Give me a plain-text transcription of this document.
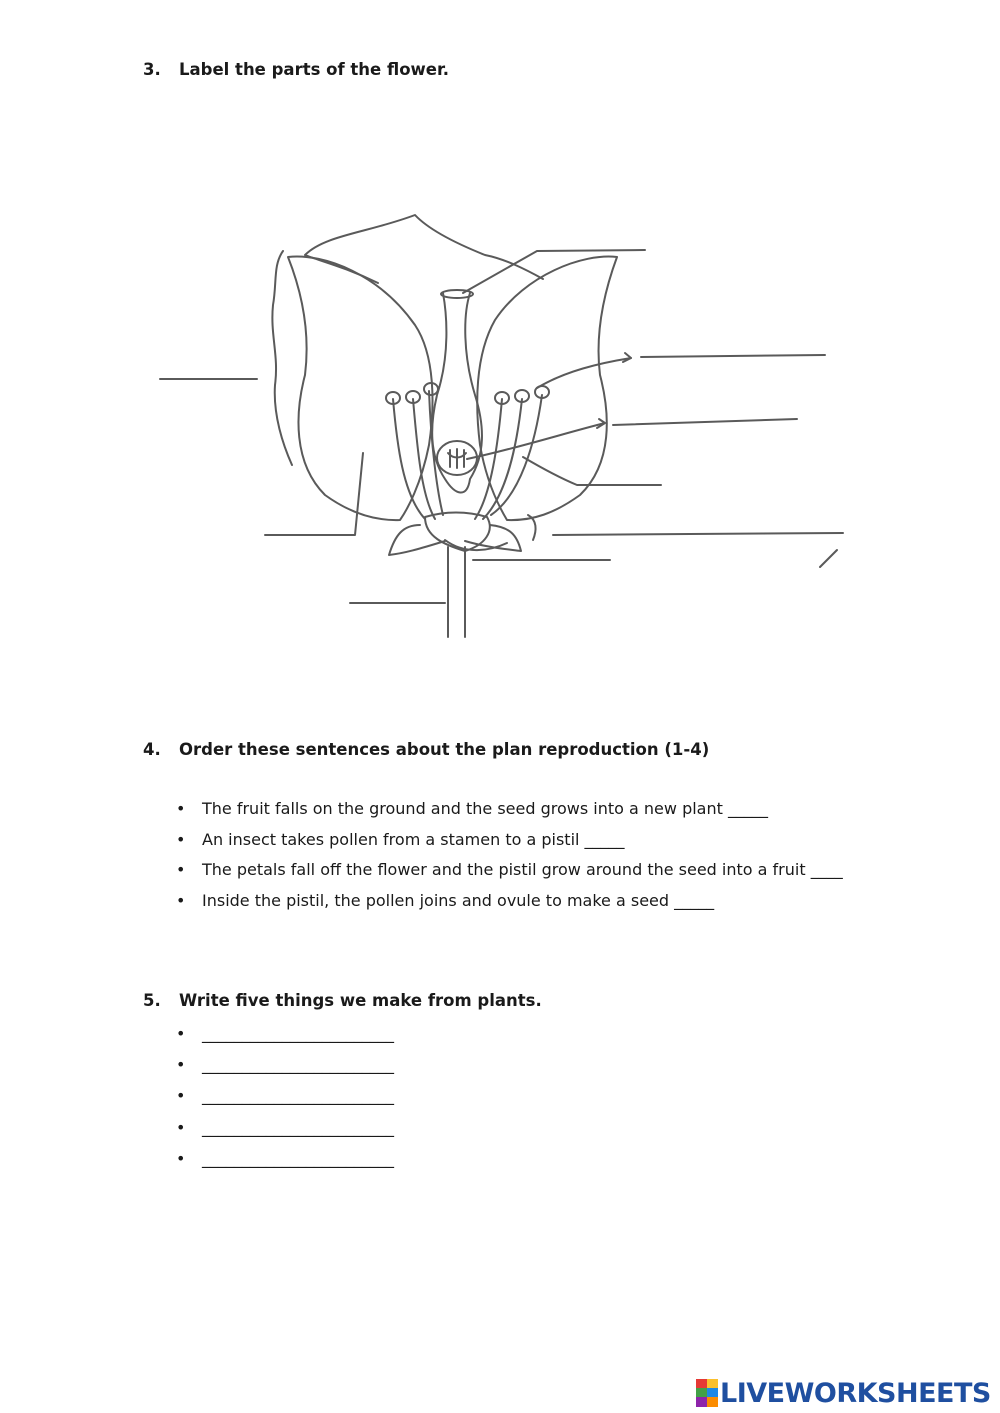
3. Label the parts of the flower.
4. Order these sentences about the plan reproduction (1-4)
• The fruit falls on the ground and the seed grows into a new plant _____
• An insect takes pollen from a stamen to a pistil _____
• The petals fall off the flower and the pistil grow around the seed into a fruit ____
• Inside the pistil, the pollen joins and ovule to make a seed _____
5. Write five things we make from plants.
• ________________________
• ________________________
• ________________________
• ________________________
• ________________________
LIVEWORKSHEETS
